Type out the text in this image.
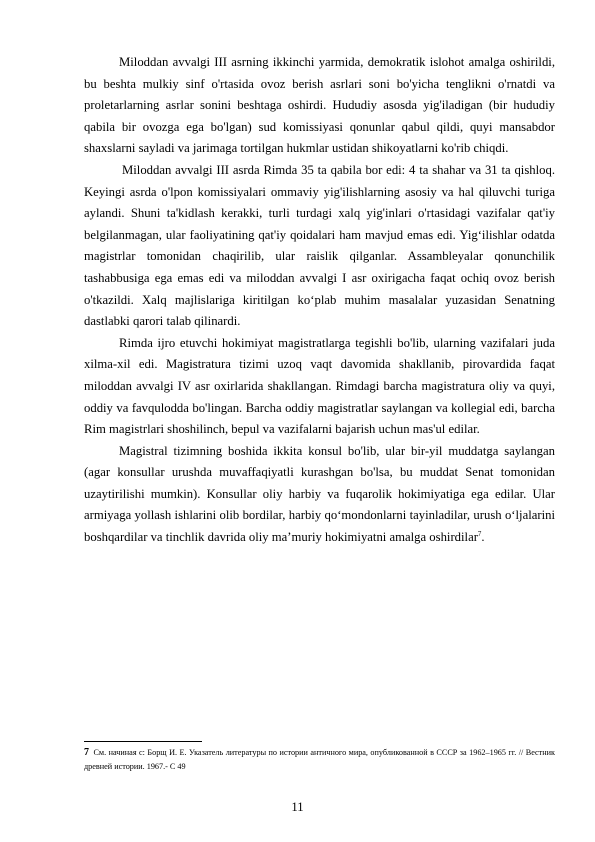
Miloddan avvalgi III asrning ikkinchi yarmida, demokratik islohot amalga oshirildi, bu beshta mulkiy sinf o'rtasida ovoz berish asrlari soni bo'yicha tenglikni o'rnatdi va proletarlarning asrlar sonini beshtaga oshirdi. Hududiy asosda yig'iladigan (bir hududiy qabila bir ovozga ega bo'lgan) sud komissiyasi qonunlar qabul qildi, quyi mansabdor shaxslarni sayladi va jarimaga tortilgan hukmlar ustidan shikoyatlarni ko'rib chiqdi.

Miloddan avvalgi III asrda Rimda 35 ta qabila bor edi: 4 ta shahar va 31 ta qishloq. Keyingi asrda o'lpon komissiyalari ommaviy yig'ilishlarning asosiy va hal qiluvchi turiga aylandi. Shuni ta'kidlash kerakki, turli turdagi xalq yig'inlari o'rtasidagi vazifalar qat'iy belgilanmagan, ular faoliyatining qat'iy qoidalari ham mavjud emas edi. Yig‘ilishlar odatda magistrlar tomonidan chaqirilib, ular raislik qilganlar. Assambleyalar qonunchilik tashabbusiga ega emas edi va miloddan avvalgi I asr oxirigacha faqat ochiq ovoz berish o'tkazildi. Xalq majlislariga kiritilgan ko‘plab muhim masalalar yuzasidan Senatning dastlabki qarori talab qilinardi.

Rimda ijro etuvchi hokimiyat magistratlarga tegishli bo'lib, ularning vazifalari juda xilma-xil edi. Magistratura tizimi uzoq vaqt davomida shakllanib, pirovardida faqat miloddan avvalgi IV asr oxirlarida shakllangan. Rimdagi barcha magistratura oliy va quyi, oddiy va favqulodda bo'lingan. Barcha oddiy magistratlar saylangan va kollegial edi, barcha Rim magistrlari shoshilinch, bepul va vazifalarni bajarish uchun mas'ul edilar.

Magistral tizimning boshida ikkita konsul bo'lib, ular bir-yil muddatga saylangan (agar konsullar urushda muvaffaqiyatli kurashgan bo'lsa, bu muddat Senat tomonidan uzaytirilishi mumkin). Konsullar oliy harbiy va fuqarolik hokimiyatiga ega edilar. Ular armiyaga yollash ishlarini olib bordilar, harbiy qo‘mondonlarni tayinladilar, urush o‘ljalarini boshqardilar va tinchlik davrida oliy ma’muriy hokimiyatni amalga oshirdilar$^7$.

7 См. начиная с: Борщ И. Е. Указатель литературы по истории античного мира, опубликованной в СССР за 1962–1965 гг. // Вестник древней истории. 1967.- С 49
11
